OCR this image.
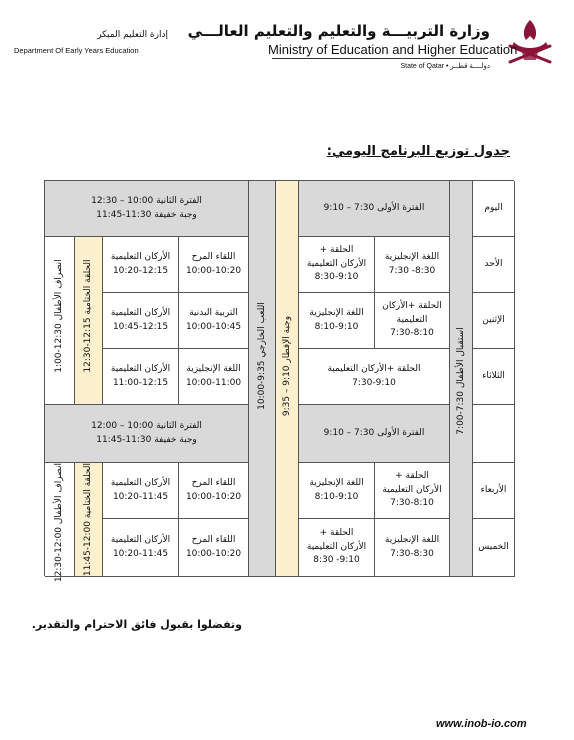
وزارة التربيـــة والتعليم والتعليم العالـــي
Ministry of Education and Higher Education
State of Qatar • دولــــة قطــر
إدارة التعليم المبكر
Department Of Early Years Education
جدول توزيع البرنامج اليومي:
اليوم
الأحد
الإثنين
الثلاثاء
الأربعاء
الخميس
استقبال الأطفال 7:30-7:00
الفترة الأولى 7:30 – 9:10
اللغة الإنجليزية
7:30 -8:30
الحلقة +
الأركان التعليمية
8:30-9:10
الحلقة +الأركان
التعليمية
7:30-8:10
اللغة الإنجليزية
8:10-9:10
الحلقة +الأركان التعليمية
7:30-9:10
الفترة الأولى 7:30 – 9:10
الحلقة +
الأركان التعليمية
7:30-8:10
اللغة الإنجليزية
8:10-9:10
اللغة الإنجليزية
7:30-8:30
الحلقة +
الأركان التعليمية
8:30 -9:10
وجبة الإفطار 9:10 – 9:35
اللعب الخارجي 9:35-10:00
الفترة الثانية 10:00 – 12:30
وجبة خفيفة 11:30-11:45
اللقاء المرح
10:00-10:20
الأركان التعليمية
10:20-12:15
التربية البدنية
10:00-10:45
الأركان التعليمية
10:45-12:15
اللغة الإنجليزية
10:00-11:00
الأركان التعليمية
11:00-12:15
الحلقة الختامية 12:15-12:30
انصراف الأطفال 12:30-1:00
الفترة الثانية 10:00 – 12:00
وجبة خفيفة 11:30-11:45
اللقاء المرح
10:00-10:20
الأركان التعليمية
10:20-11:45
اللقاء المرح
10:00-10:20
الأركان التعليمية
10:20-11:45
الحلقة الختامية 12:00-11:45
انصراف الأطفال 12:00-12:30
وتفضلوا بقبول فائق الاحترام والتقدير.
www.inob-io.com
